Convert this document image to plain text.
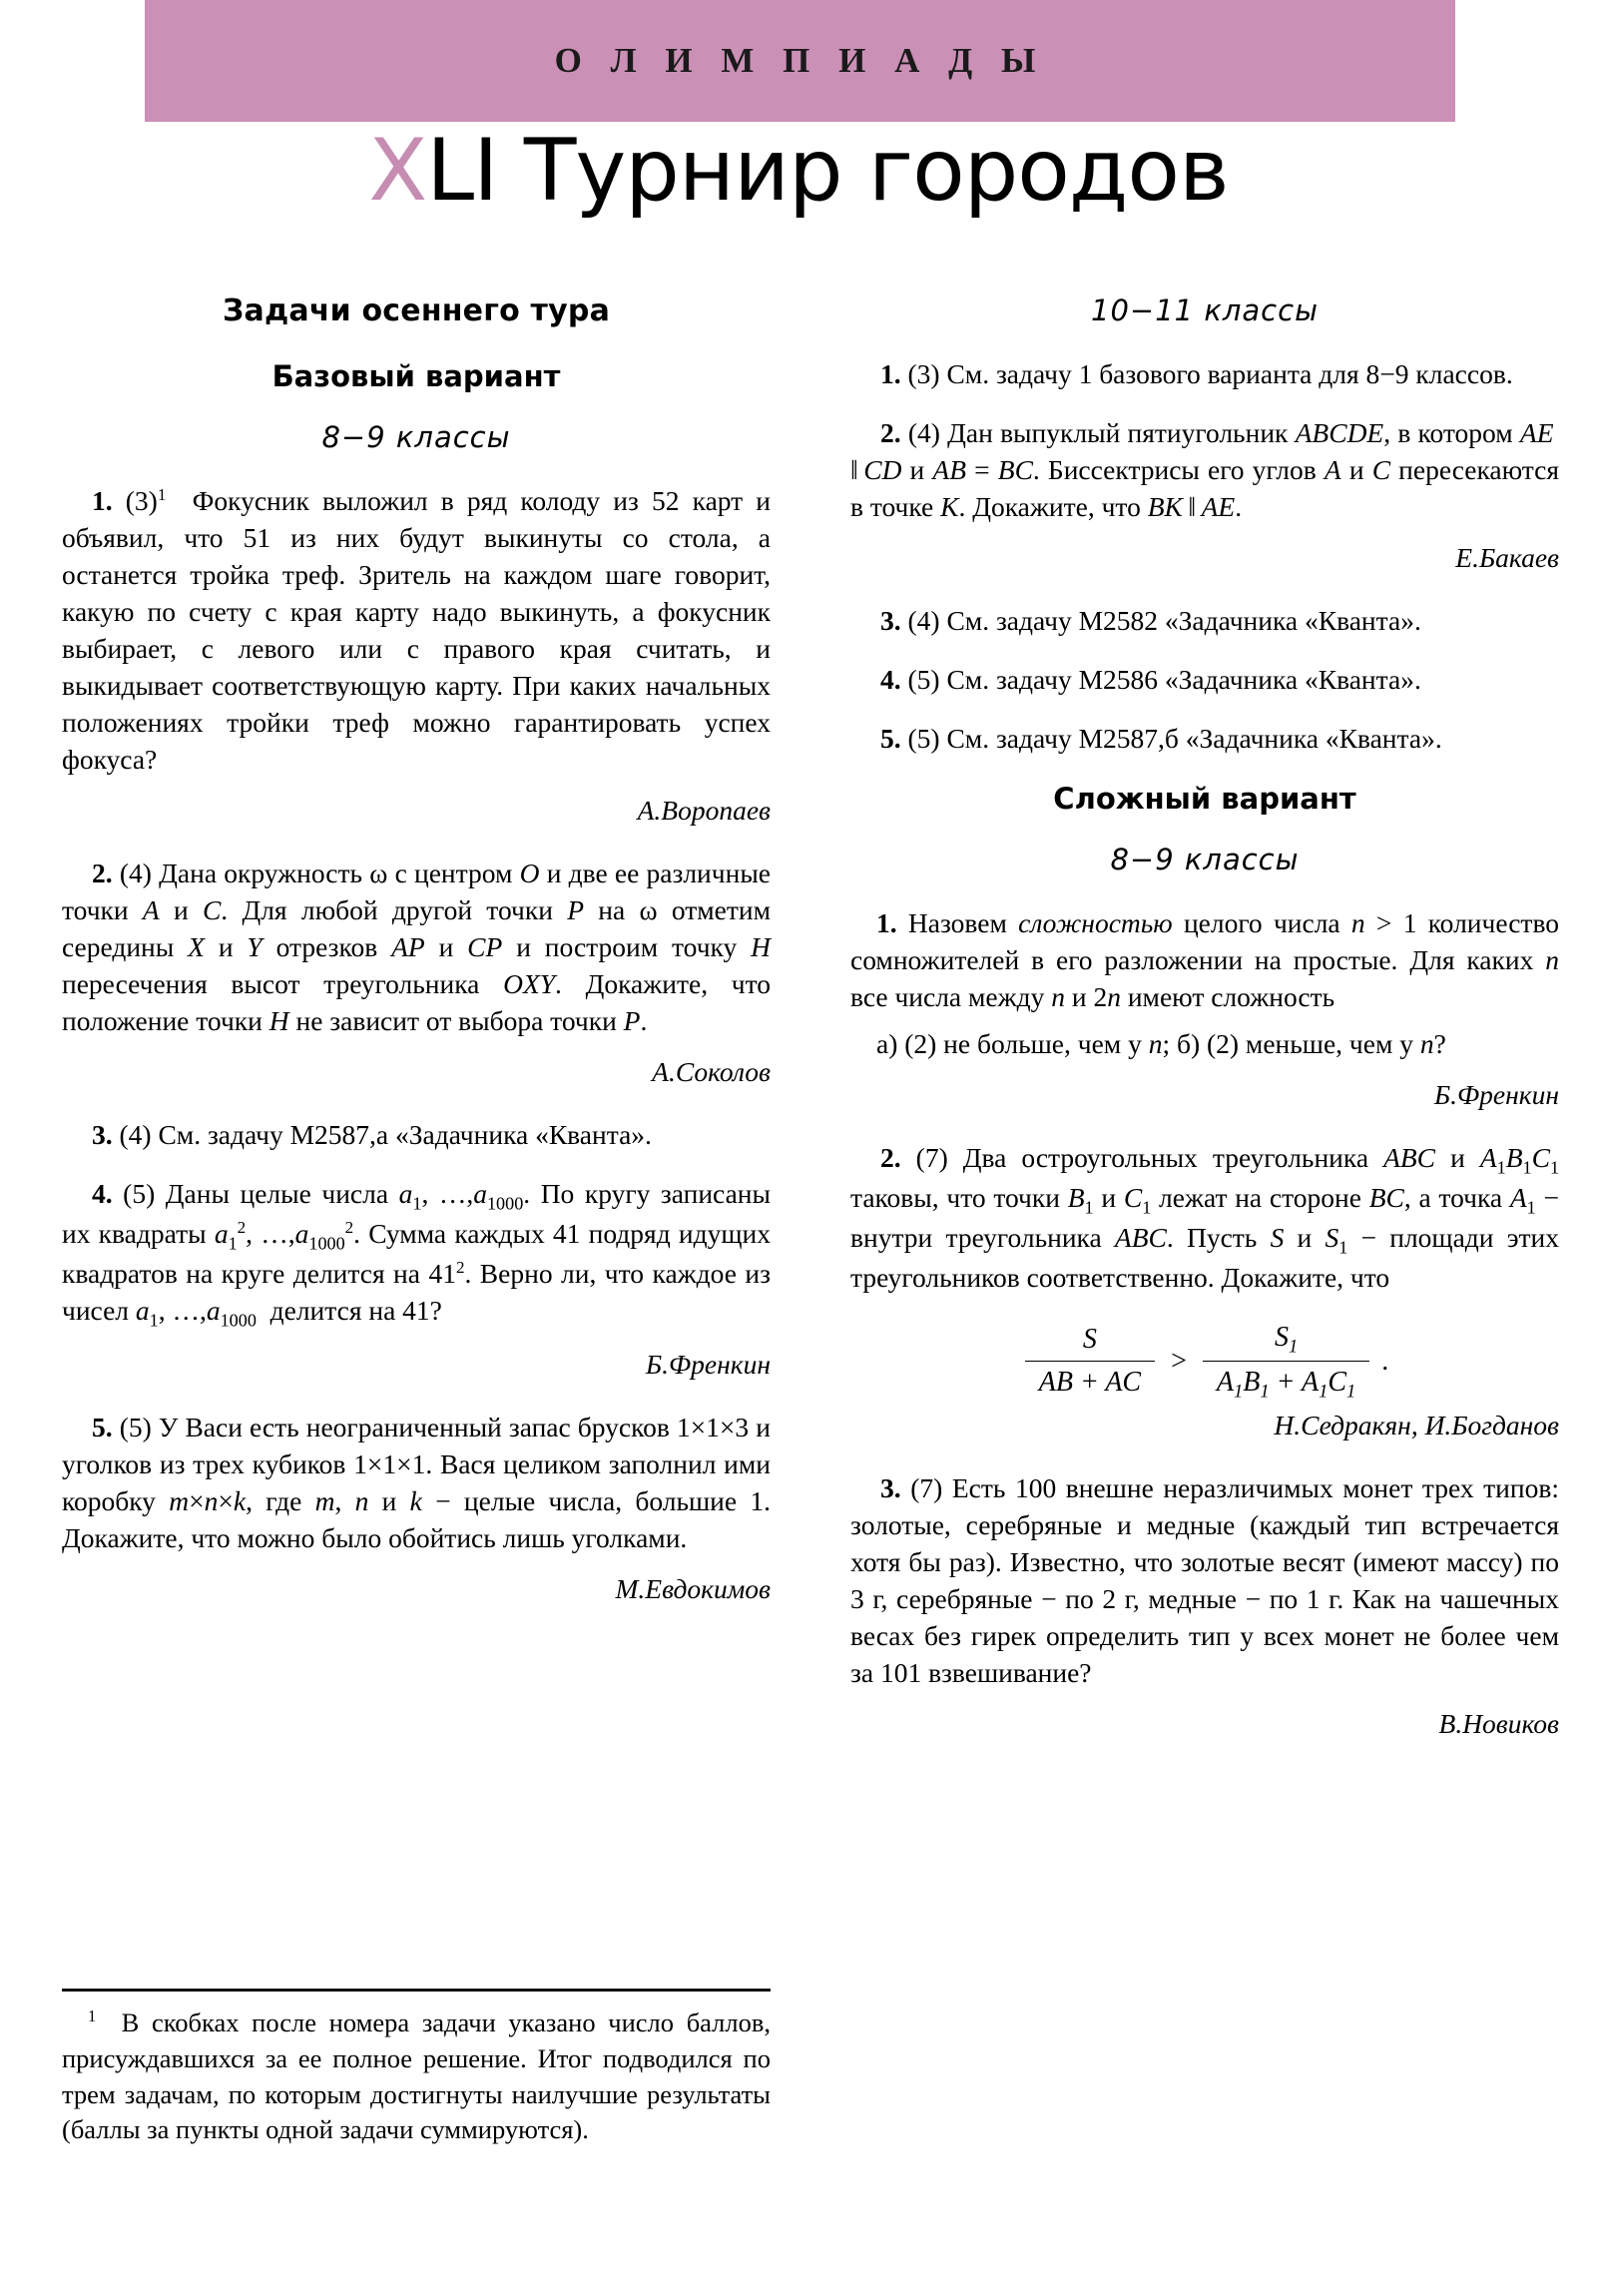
О Л И М П И А Д Ы
XLI Турнир городов
Задачи осеннего тура
Базовый вариант
8−9 классы

1. $(3)^1$ Фокусник выложил в ряд колоду из 52 карт и объявил, что 51 из них будут выкинуты со стола, а останется тройка треф. Зритель на каждом шаге говорит, какую по счету с края карту надо выкинуть, а фокусник выбирает, с левого или с правого края считать, и выкидывает соответствующую карту. При каких начальных положениях тройки треф можно гарантировать успех фокуса?

А.Воропаев

2. (4) Дана окружность ω с центром O и две ее различные точки A и C. Для любой другой точки P на ω отметим середины X и Y отрезков AP и CP и построим точку H пересечения высот треугольника OXY. Докажите, что положение точки H не зависит от выбора точки P.

А.Соколов

3. (4) См. задачу М2587,а «Задачника «Кванта».

4. (5) Даны целые числа $a_1$, $\dots,a_{1000}$. По кругу записаны их квадраты $a_1^2$, $\dots,a_{1000}^2$. Сумма каждых 41 подряд идущих квадратов на круге делится на $41^2$. Верно ли, что каждое из чисел $a_1$, $\dots,a_{1000}$  делится на 41?

Б.Френкин

5. (5) У Васи есть неограниченный запас брусков 1×1×3 и уголков из трех кубиков 1×1×1. Вася целиком заполнил ими коробку m×n×k, где m, n и k − целые числа, большие 1. Докажите, что можно было обойтись лишь уголками.

М.Евдокимов

$^1$ В скобках после номера задачи указано число баллов, присуждавшихся за ее полное решение. Итог подводился по трем задачам, по которым достигнуты наилучшие результаты (баллы за пункты одной задачи суммируются).

10−11 классы

1. (3) См. задачу 1 базового варианта для 8−9 классов.

2. (4) Дан выпуклый пятиугольник ABCDE, в котором AE ‖ CD и AB = BC. Биссектрисы его углов A и C пересекаются в точке K. Докажите, что BK ‖ AE.

Е.Бакаев

3. (4) См. задачу М2582 «Задачника «Кванта».

4. (5) См. задачу М2586 «Задачника «Кванта».

5. (5) См. задачу М2587,б «Задачника «Кванта».

Сложный вариант
8−9 классы

1. Назовем сложностью целого числа n > 1 количество сомножителей в его разложении на простые. Для каких n все числа между n и 2n имеют сложность

а) (2) не больше, чем у n; б) (2) меньше, чем у n?

Б.Френкин

2. (7) Два остроугольных треугольника ABC и $A_1B_1C_1$ таковы, что точки $B_1$ и $C_1$ лежат на стороне BC, а точка $A_1$ − внутри треугольника ABC. Пусть S и $S_1$ − площади этих треугольников соответственно. Докажите, что

$\frac{S}{AB + AC} > \frac{S_1}{A_1B_1 + A_1C_1}$ .

Н.Седракян, И.Богданов

3. (7) Есть 100 внешне неразличимых монет трех типов: золотые, серебряные и медные (каждый тип встречается хотя бы раз). Известно, что золотые весят (имеют массу) по 3 г, серебряные − по 2 г, медные − по 1 г. Как на чашечных весах без гирек определить тип у всех монет не более чем за 101 взвешивание?

В.Новиков
